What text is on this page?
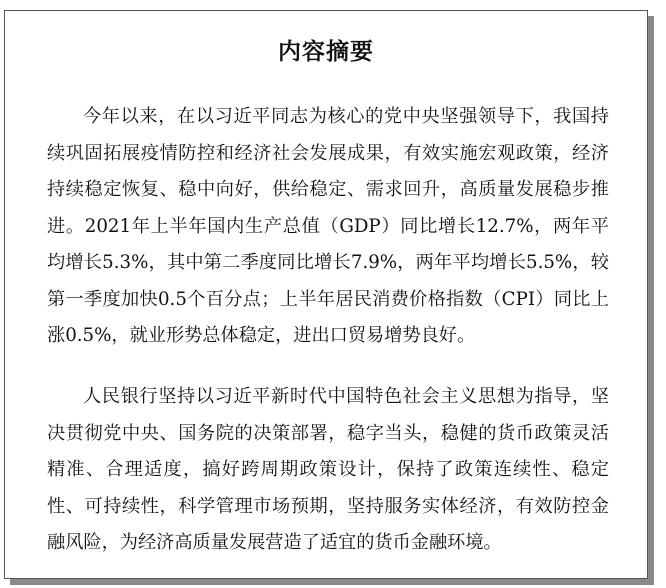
内容摘要

今年以来，在以习近平同志为核心的党中央坚强领导下，我国持续巩固拓展疫情防控和经济社会发展成果，有效实施宏观政策，经济持续稳定恢复、稳中向好，供给稳定、需求回升，高质量发展稳步推进。2021年上半年国内生产总值（GDP）同比增长12.7%，两年平均增长5.3%，其中第二季度同比增长7.9%，两年平均增长5.5%，较第一季度加快0.5个百分点；上半年居民消费价格指数（CPI）同比上涨0.5%，就业形势总体稳定，进出口贸易增势良好。

人民银行坚持以习近平新时代中国特色社会主义思想为指导，坚决贯彻党中央、国务院的决策部署，稳字当头，稳健的货币政策灵活精准、合理适度，搞好跨周期政策设计，保持了政策连续性、稳定性、可持续性，科学管理市场预期，坚持服务实体经济，有效防控金融风险，为经济高质量发展营造了适宜的货币金融环境。
